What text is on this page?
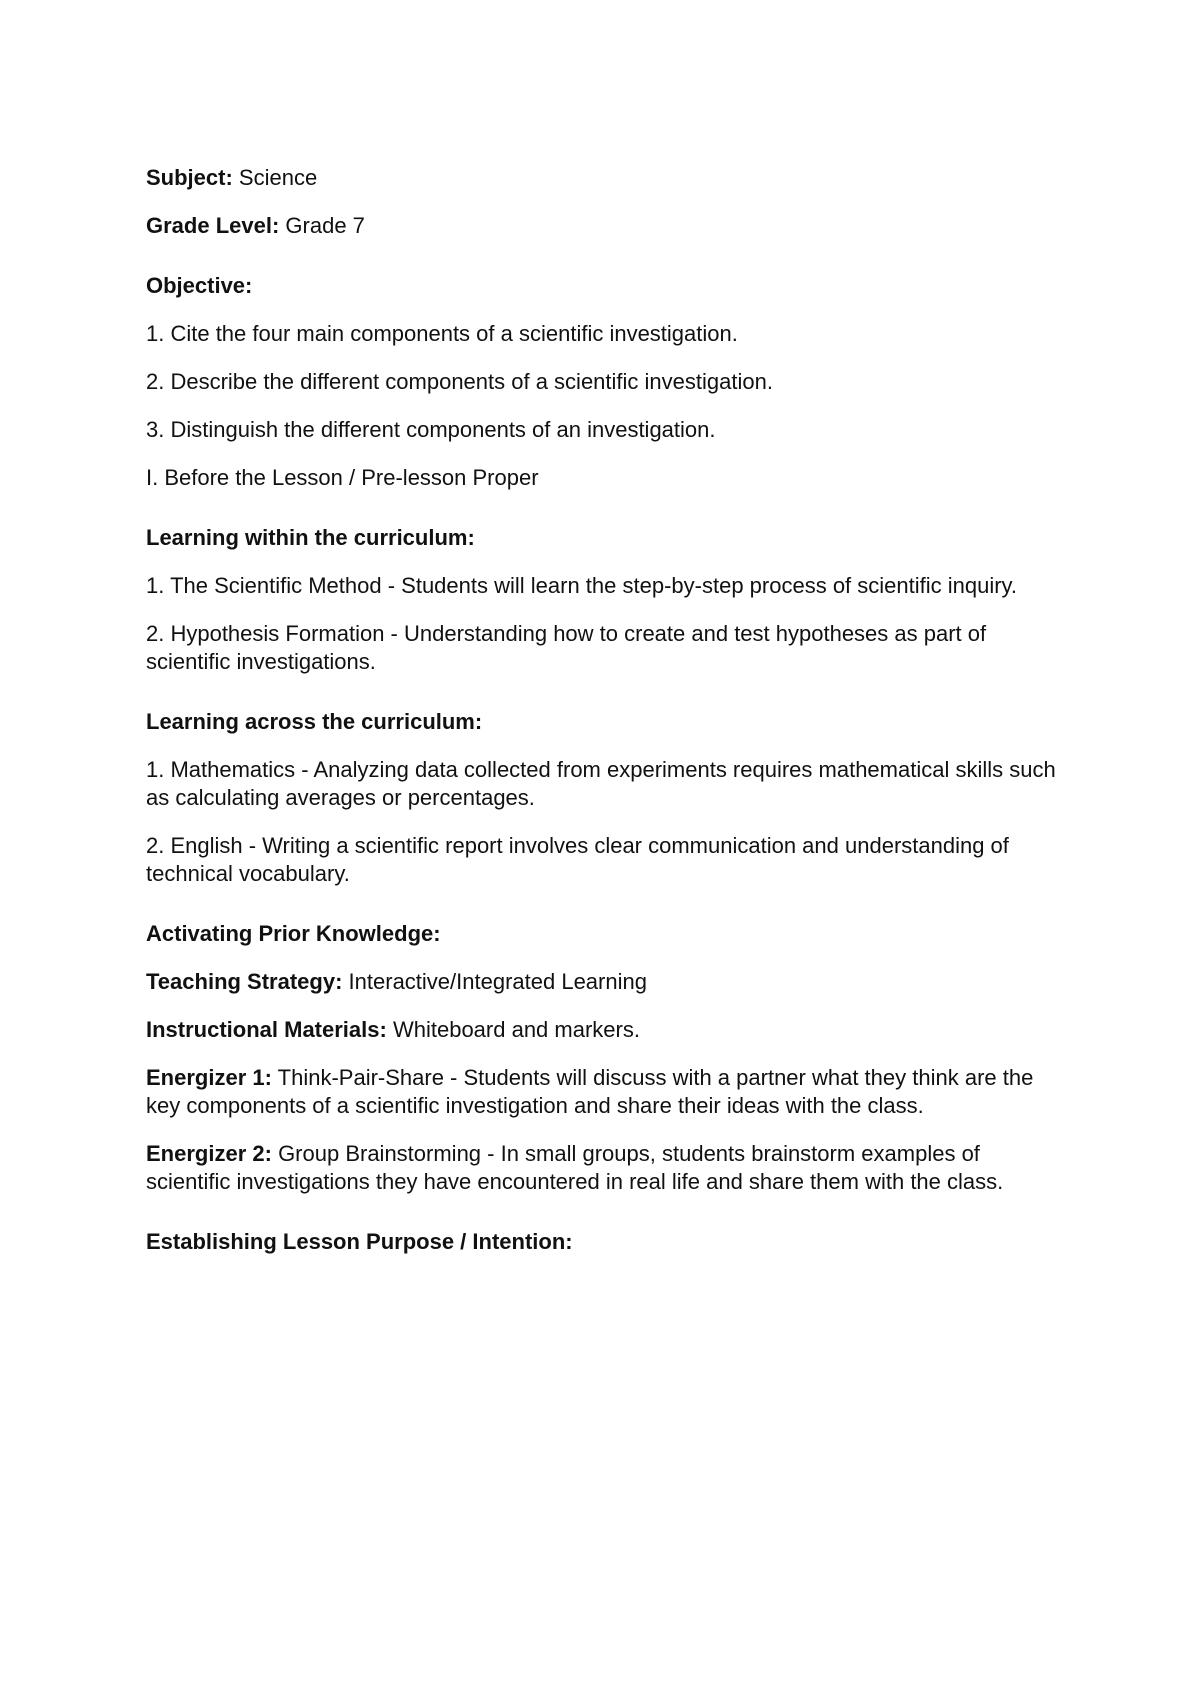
Subject: Science

Grade Level: Grade 7

Objective:

1. Cite the four main components of a scientific investigation.

2. Describe the different components of a scientific investigation.

3. Distinguish the different components of an investigation.

I. Before the Lesson / Pre-lesson Proper

Learning within the curriculum:

1. The Scientific Method - Students will learn the step-by-step process of scientific inquiry.

2. Hypothesis Formation - Understanding how to create and test hypotheses as part of scientific investigations.

Learning across the curriculum:

1. Mathematics - Analyzing data collected from experiments requires mathematical skills such as calculating averages or percentages.

2. English - Writing a scientific report involves clear communication and understanding of technical vocabulary.

Activating Prior Knowledge:

Teaching Strategy: Interactive/Integrated Learning

Instructional Materials: Whiteboard and markers.

Energizer 1: Think-Pair-Share - Students will discuss with a partner what they think are the key components of a scientific investigation and share their ideas with the class.

Energizer 2: Group Brainstorming - In small groups, students brainstorm examples of scientific investigations they have encountered in real life and share them with the class.

Establishing Lesson Purpose / Intention:
